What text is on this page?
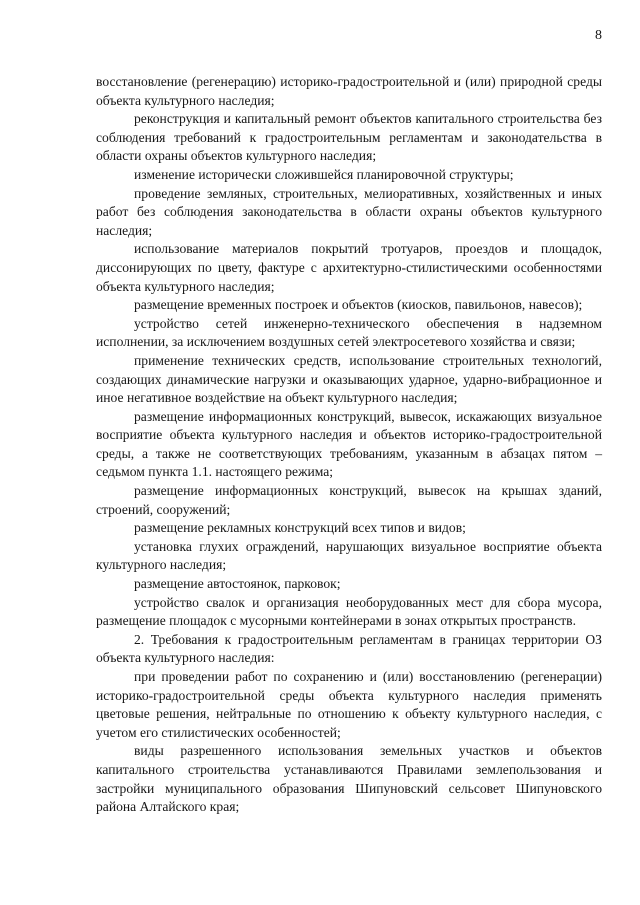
8

восстановление (регенерацию) историко-градостроительной и (или) природной среды объекта культурного наследия;

реконструкция и капитальный ремонт объектов капитального строительства без соблюдения требований к градостроительным регламентам и законодательства в области охраны объектов культурного наследия;

изменение исторически сложившейся планировочной структуры;

проведение земляных, строительных, мелиоративных, хозяйственных и иных работ без соблюдения законодательства в области охраны объектов культурного наследия;

использование материалов покрытий тротуаров, проездов и площадок, диссонирующих по цвету, фактуре с архитектурно-стилистическими особенностями объекта культурного наследия;

размещение временных построек и объектов (киосков, павильонов, навесов);

устройство сетей инженерно-технического обеспечения в надземном исполнении, за исключением воздушных сетей электросетевого хозяйства и связи;

применение технических средств, использование строительных технологий, создающих динамические нагрузки и оказывающих ударное, ударно-вибрационное и иное негативное воздействие на объект культурного наследия;

размещение информационных конструкций, вывесок, искажающих визуальное восприятие объекта культурного наследия и объектов историко-градостроительной среды, а также не соответствующих требованиям, указанным в абзацах пятом – седьмом пункта 1.1. настоящего режима;

размещение информационных конструкций, вывесок на крышах зданий, строений, сооружений;

размещение рекламных конструкций всех типов и видов;

установка глухих ограждений, нарушающих визуальное восприятие объекта культурного наследия;

размещение автостоянок, парковок;

устройство свалок и организация необорудованных мест для сбора мусора, размещение площадок с мусорными контейнерами в зонах открытых пространств.

2. Требования к градостроительным регламентам в границах территории ОЗ объекта культурного наследия:

при проведении работ по сохранению и (или) восстановлению (регенерации) историко-градостроительной среды объекта культурного наследия применять цветовые решения, нейтральные по отношению к объекту культурного наследия, с учетом его стилистических особенностей;

виды разрешенного использования земельных участков и объектов капитального строительства устанавливаются Правилами землепользования и застройки муниципального образования Шипуновский сельсовет Шипуновского района Алтайского края;
